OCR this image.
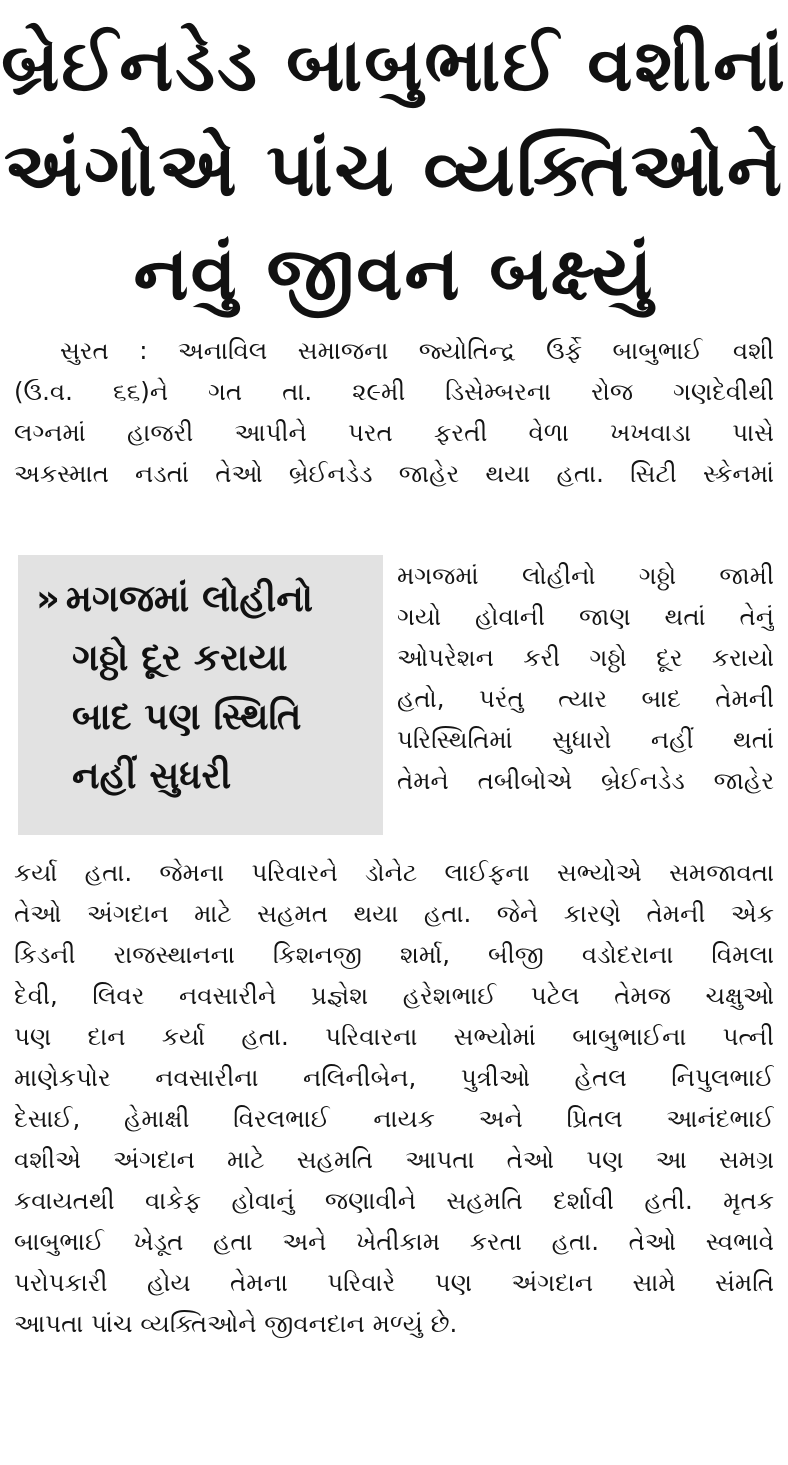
બ્રેઈનડેડ બાબુભાઈ વશીનાં
અંગોએ પાંચ વ્યક્તિઓને
નવું જીવન બક્ષ્યું
સુરત : અનાવિલ સમાજના જ્યોતિન્દ્ર ઉર્ફે બાબુભાઈ વશી
(ઉ.વ. ૬૬)ને ગત તા. ૨૯મી ડિસેમ્બરના રોજ ગણદેવીથી
લગ્નમાં હાજરી આપીને પરત ફરતી વેળા ખખવાડા પાસે
અકસ્માત નડતાં તેઓ બ્રેઈનડેડ જાહેર થયા હતા. સિટી સ્કેનમાં
» મગજમાં લોહીનો
ગઠ્ઠો દૂર કરાયા
બાદ પણ સ્થિતિ
નહીં સુધરી
મગજમાં લોહીનો ગઠ્ઠો જામી
ગયો હોવાની જાણ થતાં તેનું
ઓપરેશન કરી ગઠ્ઠો દૂર કરાયો
હતો, પરંતુ ત્યાર બાદ તેમની
પરિસ્થિતિમાં સુધારો નહીં થતાં
તેમને તબીબોએ બ્રેઈનડેડ જાહેર
કર્યા હતા. જેમના પરિવારને ડોનેટ લાઈફના સભ્યોએ સમજાવતા
તેઓ અંગદાન માટે સહમત થયા હતા. જેને કારણે તેમની એક
કિડની રાજસ્થાનના કિશનજી શર્મા, બીજી વડોદરાના વિમલા
દેવી, લિવર નવસારીને પ્રજ્ઞેશ હરેશભાઈ પટેલ તેમજ ચક્ષુઓ
પણ દાન કર્યા હતા. પરિવારના સભ્યોમાં બાબુભાઈના પત્ની
માણેકપોર નવસારીના નલિનીબેન, પુત્રીઓ હેતલ નિપુલભાઈ
દેસાઈ, હેમાક્ષી વિરલભાઈ નાયક અને પ્રિતલ આનંદભાઈ
વશીએ અંગદાન માટે સહમતિ આપતા તેઓ પણ આ સમગ્ર
કવાયતથી વાકેફ હોવાનું જણાવીને સહમતિ દર્શાવી હતી. મૃતક
બાબુભાઈ ખેડૂત હતા અને ખેતીકામ કરતા હતા. તેઓ સ્વભાવે
પરોપકારી હોય તેમના પરિવારે પણ અંગદાન સામે સંમતિ
આપતા પાંચ વ્યક્તિઓને જીવનદાન મળ્યું છે.
